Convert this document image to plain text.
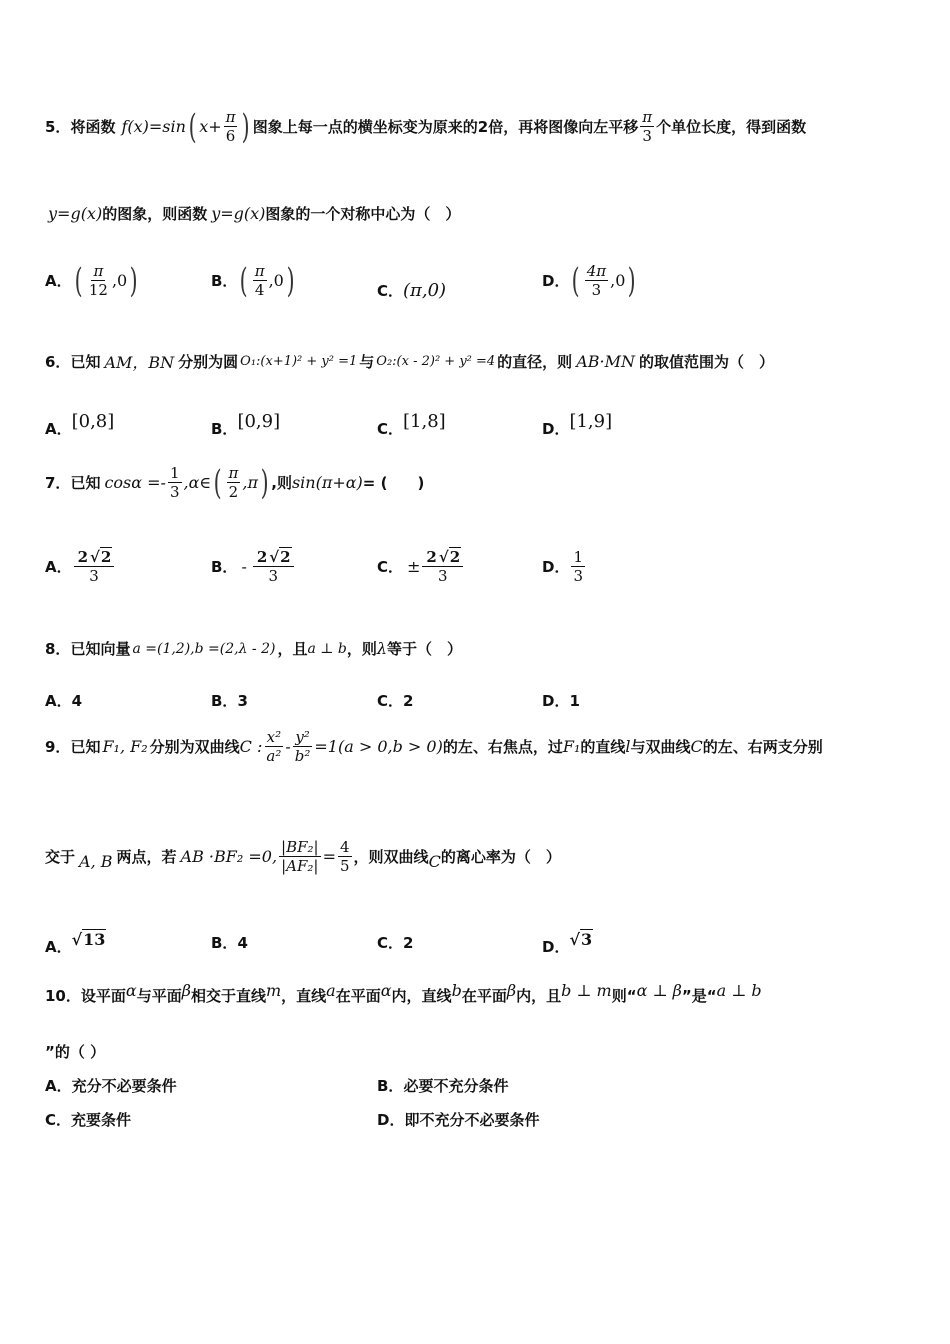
5． 将函数 f(x)=sin ( $x+ \frac{\pi}{6}$ ) 图象上每一点的横坐标变为原来的2倍，再将图像向左平移 $\frac{\pi}{3}$ 个单位长度，得到函数
y=g(x) 的图象，则函数 y=g(x) 图象的一个对称中心为（　）
A． ( $\frac{\pi}{12} ,0$ )	B． ( $\frac{\pi}{4} ,0$ )	C． (π,0)	D． ( $\frac{4\pi}{3} ,0$ )
6． 已知 AM，BN 分别为圆 O₁:(x+1)² + y² =1 与 O₂:(x - 2)² + y² =4 的直径，则 AB·MN 的取值范围为（　）
A． [0,8]	B． [0,9]	C． [1,8]	D． [1,9]
7． 已知 $\cos\alpha =- \frac{1}{3}$ ,α∈ ( $\frac{\pi}{2} ,\pi$ ) ,则 sin(π+α) = (　　)
A． $\frac{2 √2}{3}$	B． - $\frac{2 √2}{3}$	C． ± $\frac{2 √2}{3}$	D． $\frac{1}{3}$
8． 已知向量 a =(1,2),b =(2,λ - 2) ，且 a ⊥ b ，则 λ 等于（　）
A． 4	B． 3	C． 2	D． 1
9． 已知 F₁, F₂ 分别为双曲线 C : $\frac{\text{x²}}{\text{a²}} - \frac{\text{y²}}{\text{b²}} =1(a > 0,b > 0)$ 的左、右焦点，过 F₁ 的直线 l 与双曲线 C 的左、右两支分别
交于 A, B 两点，若 AB ·BF₂ =0, $\frac{\text{|BF₂|}}{\text{|AF₂|}} = \frac{4}{5}$ ，则双曲线 C 的离心率为（　）
A． √13	B． 4	C． 2	D． √3
10． 设平面 α 与平面 β 相交于直线 m ，直线 a 在平面 α 内，直线 b 在平面 β 内，且 b ⊥ m 则“ α ⊥ β ”是“ a ⊥ b
”的（ ）
A． 充分不必要条件	B． 必要不充分条件
C． 充要条件	D． 即不充分不必要条件
